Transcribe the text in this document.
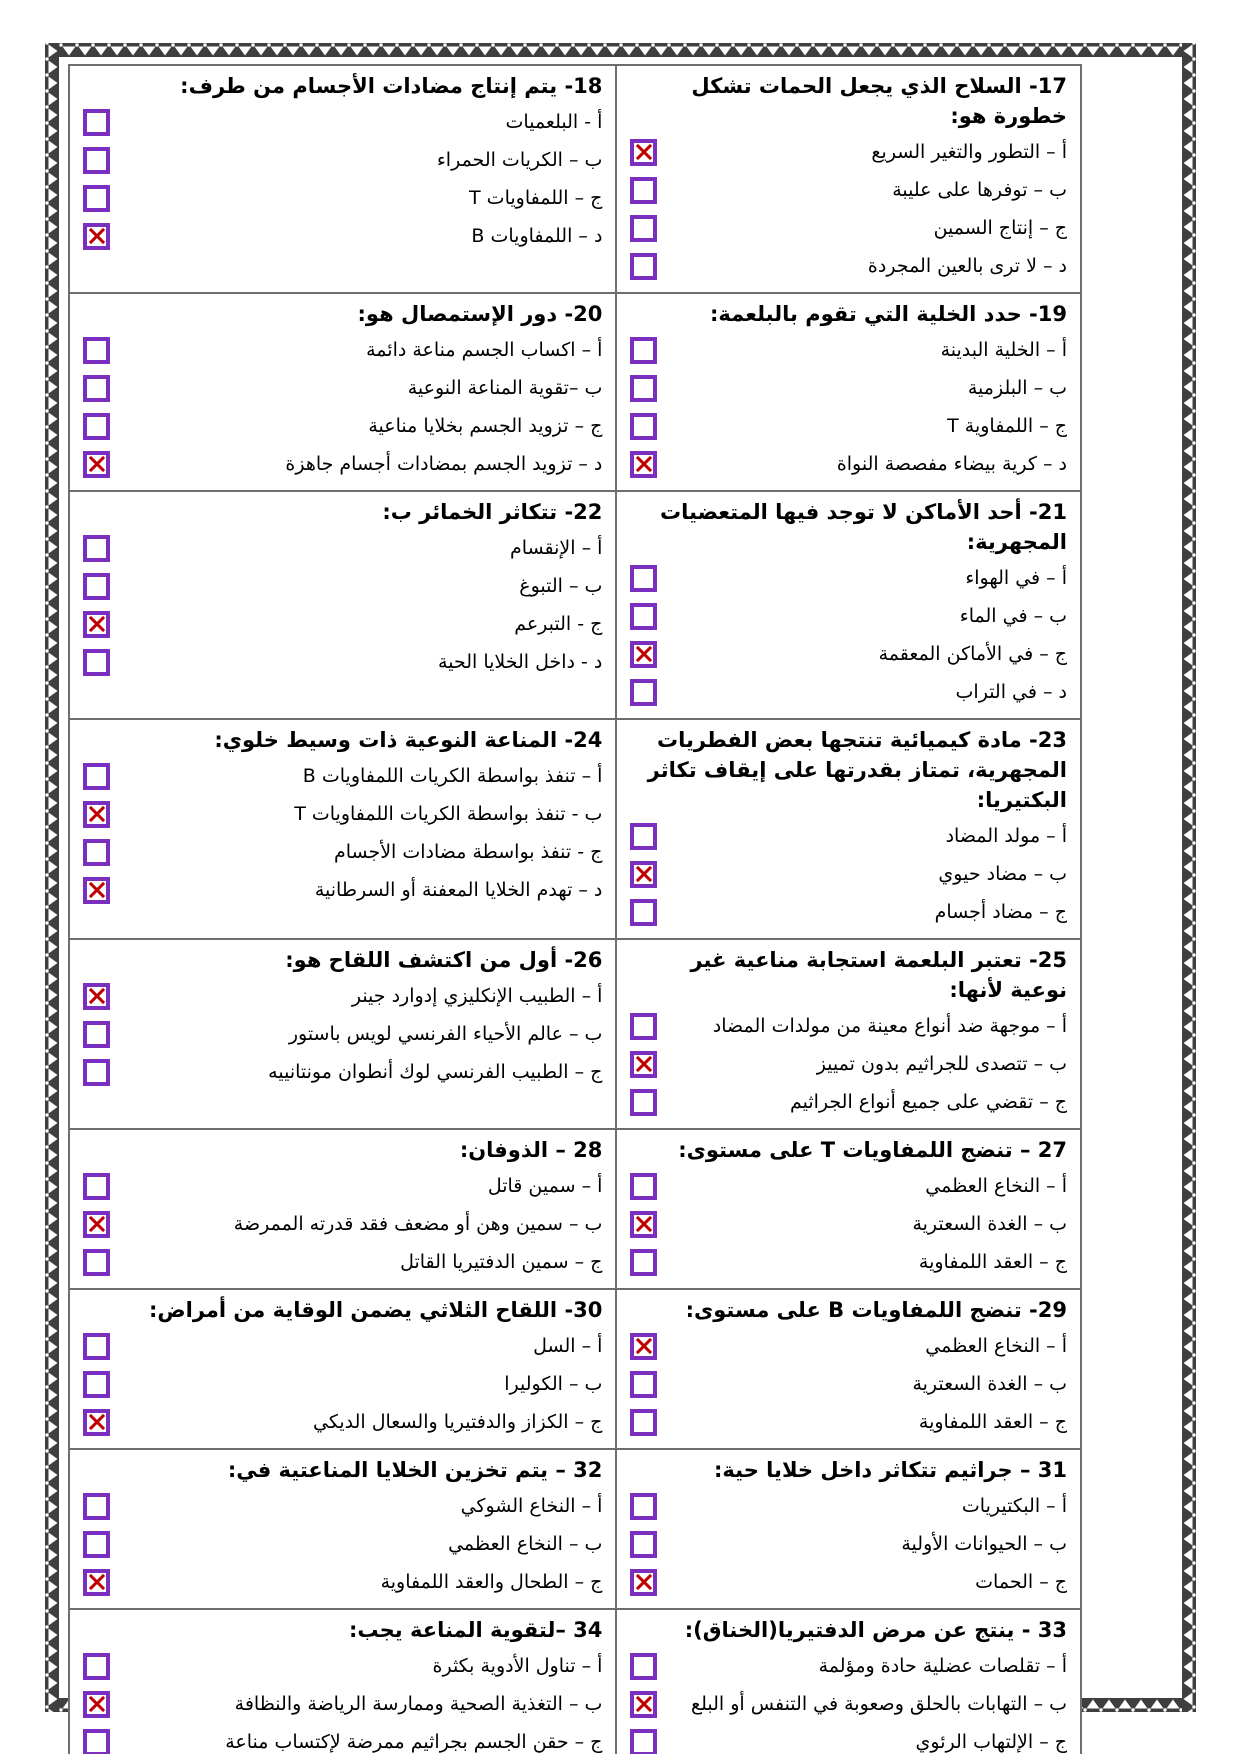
17- السلاح الذي يجعل الحمات تشكل خطورة هو:
أ – التطور والتغير السريع
ب – توفرها على عليبة
ج – إنتاج السمين
د – لا ترى بالعين المجردة
18- يتم إنتاج مضادات الأجسام من طرف:
أ - البلعميات
ب – الكريات الحمراء
ج – اللمفاويات T
د – اللمفاويات B
19- حدد الخلية التي تقوم بالبلعمة:
أ – الخلية البدينة
ب – البلزمية
ج – اللمفاوية T
د – كرية بيضاء مفصصة النواة
20- دور الإستمصال هو:
أ – اكساب الجسم مناعة دائمة
ب –تقوية المناعة النوعية
ج – تزويد الجسم بخلايا مناعية
د – تزويد الجسم بمضادات أجسام جاهزة
21- أحد الأماكن لا توجد فيها المتعضيات المجهرية:
أ – في الهواء
ب – في الماء
ج – في الأماكن المعقمة
د – في التراب
22- تتكاثر الخمائر ب:
أ – الإنقسام
ب – التبوغ
ج - التبرعم
د - داخل الخلايا الحية
23- مادة كيميائية تنتجها بعض الفطريات المجهرية، تمتاز بقدرتها على إيقاف تكاثر البكتيريا:
أ – مولد المضاد
ب – مضاد حيوي
ج – مضاد أجسام
24- المناعة النوعية ذات وسيط خلوي:
أ – تنفذ بواسطة الكريات اللمفاويات B
ب - تنفذ بواسطة الكريات اللمفاويات T
ج - تنفذ بواسطة مضادات الأجسام
د – تهدم الخلايا المعفنة أو السرطانية
25- تعتبر البلعمة استجابة مناعية غير نوعية لأنها:
أ – موجهة ضد أنواع معينة من مولدات المضاد
ب – تتصدى للجراثيم بدون تمييز
ج – تقضي على جميع أنواع الجراثيم
26- أول من اكتشف اللقاح هو:
أ – الطبيب الإنكليزي إدوارد جينر
ب – عالم الأحياء الفرنسي لويس باستور
ج – الطبيب الفرنسي لوك أنطوان مونتانييه
27 – تنضج اللمفاويات T على مستوى:
أ – النخاع العظمي
ب – الغدة السعترية
ج – العقد اللمفاوية
28 – الذوفان:
أ – سمين قاتل
ب – سمين وهن أو مضعف فقد قدرته الممرضة
ج – سمين الدفتيريا القاتل
29- تنضج اللمفاويات B على مستوى:
أ – النخاع العظمي
ب – الغدة السعترية
ج – العقد اللمفاوية
30- اللقاح الثلاثي يضمن الوقاية من أمراض:
أ – السل
ب – الكوليرا
ج – الكزاز والدفتيريا والسعال الديكي
31 – جراثيم تتكاثر داخل خلايا حية:
أ – البكتيريات
ب – الحيوانات الأولية
ج – الحمات
32 – يتم تخزين الخلايا المناعتية في:
أ – النخاع الشوكي
ب – النخاع العظمي
ج – الطحال والعقد اللمفاوية
33 - ينتج عن مرض الدفتيريا(الخناق):
أ – تقلصات عضلية حادة ومؤلمة
ب – التهابات بالحلق وصعوبة في التنفس أو البلع
ج – الإلتهاب الرئوي
34 –لتقوية المناعة يجب:
أ – تناول الأدوية بكثرة
ب – التغذية الصحية وممارسة الرياضة والنظافة
ج – حقن الجسم بجراثيم ممرضة لإكتساب مناعة
